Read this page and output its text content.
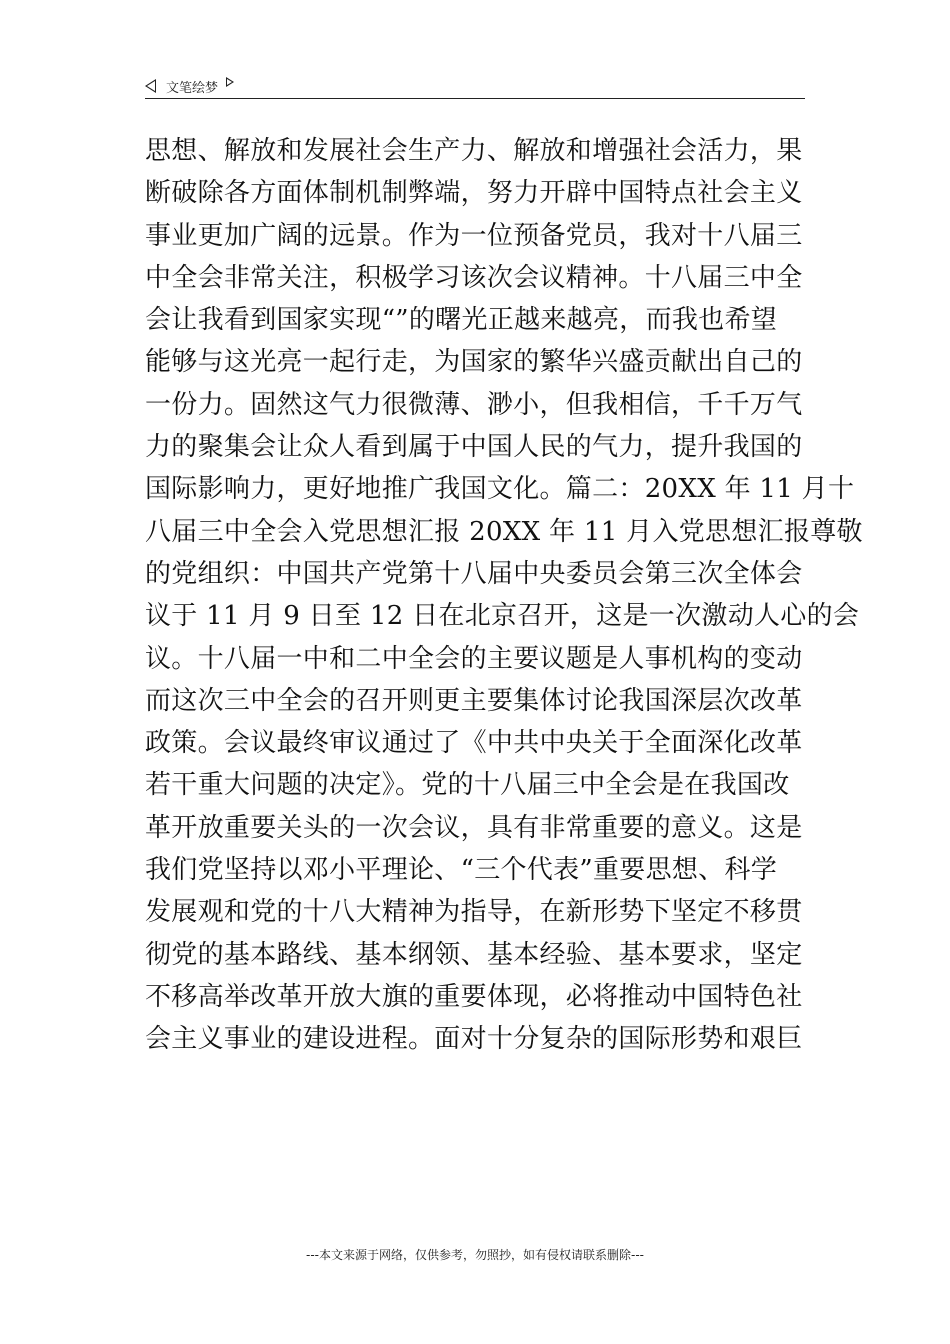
文笔绘梦
思想、解放和发展社会生产力、解放和增强社会活力，果
断破除各方面体制机制弊端，努力开辟中国特点社会主义
事业更加广阔的远景。作为一位预备党员，我对十八届三
中全会非常关注，积极学习该次会议精神。十八届三中全
会让我看到国家实现“”的曙光正越来越亮，而我也希望
能够与这光亮一起行走，为国家的繁华兴盛贡献出自己的
一份力。固然这气力很微薄、渺小，但我相信，千千万气
力的聚集会让众人看到属于中国人民的气力，提升我国的
国际影响力，更好地推广我国文化。篇二：20XX 年 11 月十
八届三中全会入党思想汇报 20XX 年 11 月入党思想汇报尊敬
的党组织：中国共产党第十八届中央委员会第三次全体会
议于 11 月 9 日至 12 日在北京召开，这是一次激动人心的会
议。十八届一中和二中全会的主要议题是人事机构的变动
而这次三中全会的召开则更主要集体讨论我国深层次改革
政策。会议最终审议通过了《中共中央关于全面深化改革
若干重大问题的决定》。党的十八届三中全会是在我国改
革开放重要关头的一次会议，具有非常重要的意义。这是
我们党坚持以邓小平理论、“三个代表”重要思想、科学
发展观和党的十八大精神为指导，在新形势下坚定不移贯
彻党的基本路线、基本纲领、基本经验、基本要求，坚定
不移高举改革开放大旗的重要体现，必将推动中国特色社
会主义事业的建设进程。面对十分复杂的国际形势和艰巨
---本文来源于网络，仅供参考，勿照抄，如有侵权请联系删除---
